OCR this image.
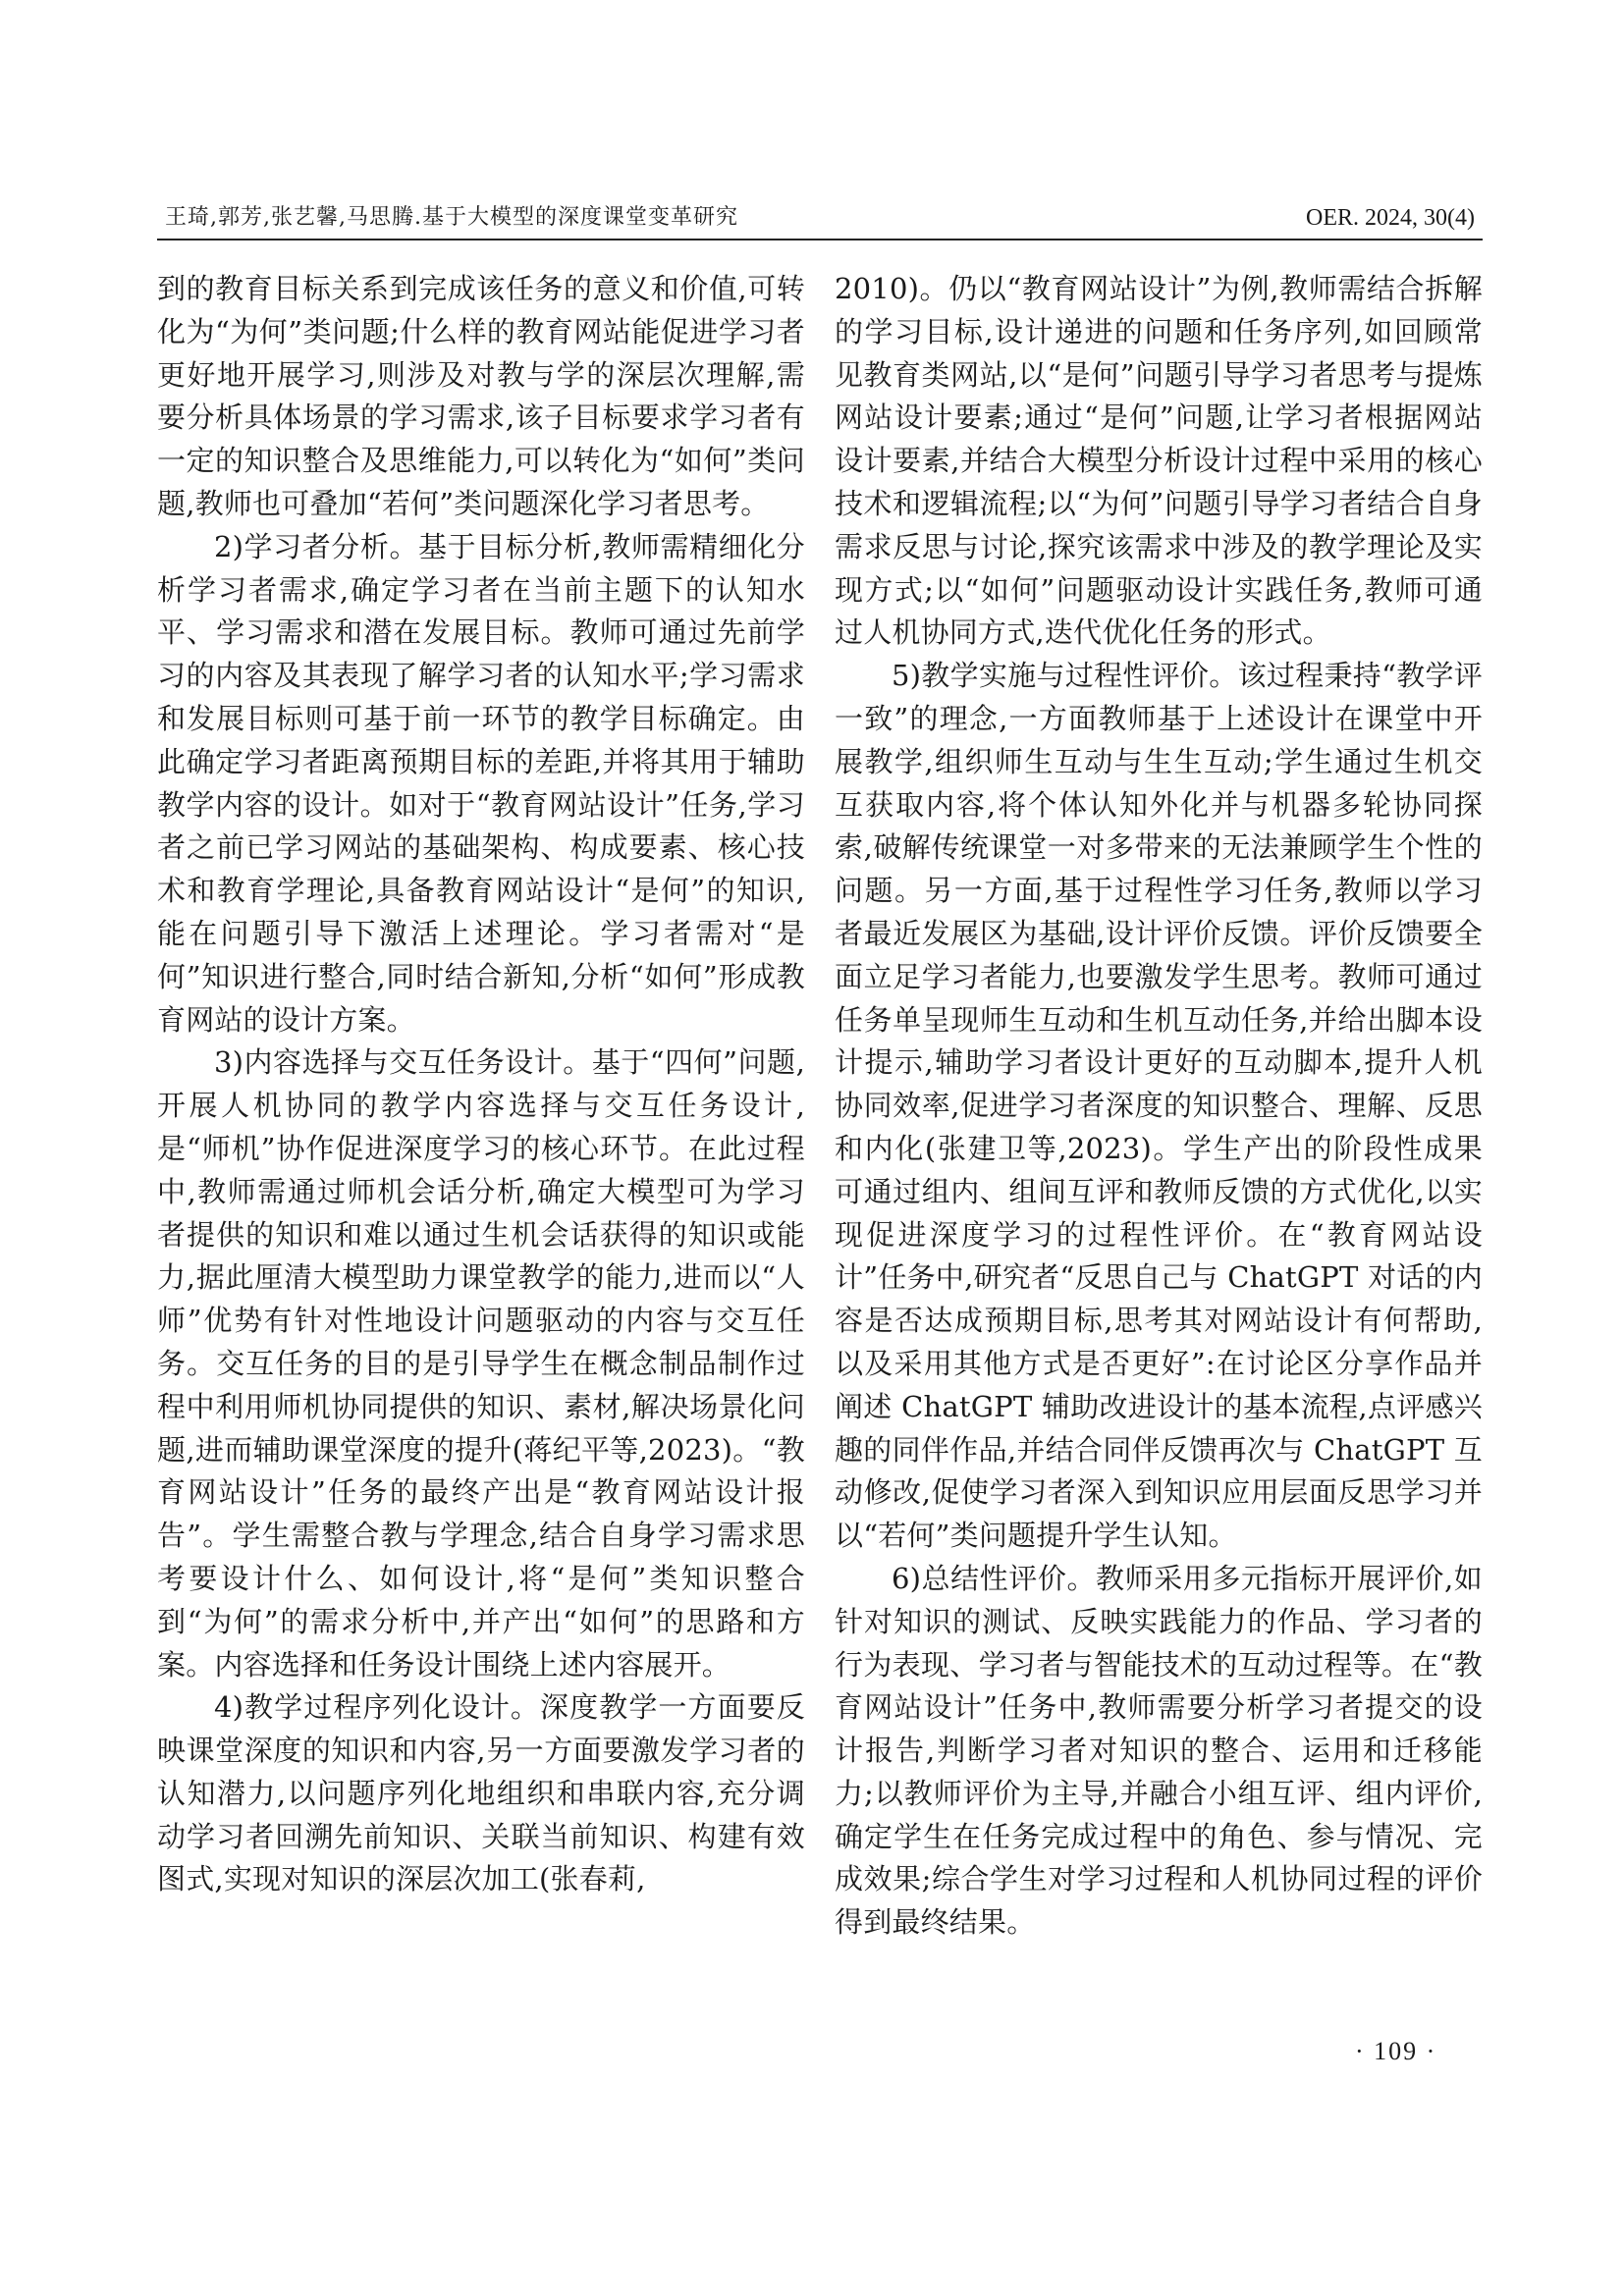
王琦,郭芳,张艺馨,马思腾.基于大模型的深度课堂变革研究	OER. 2024, 30(4)

到的教育目标关系到完成该任务的意义和价值,可转化为“为何”类问题;什么样的教育网站能促进学习者更好地开展学习,则涉及对教与学的深层次理解,需要分析具体场景的学习需求,该子目标要求学习者有一定的知识整合及思维能力,可以转化为“如何”类问题,教师也可叠加“若何”类问题深化学习者思考。

2)学习者分析。基于目标分析,教师需精细化分析学习者需求,确定学习者在当前主题下的认知水平、学习需求和潜在发展目标。教师可通过先前学习的内容及其表现了解学习者的认知水平;学习需求和发展目标则可基于前一环节的教学目标确定。由此确定学习者距离预期目标的差距,并将其用于辅助教学内容的设计。如对于“教育网站设计”任务,学习者之前已学习网站的基础架构、构成要素、核心技术和教育学理论,具备教育网站设计“是何”的知识,能在问题引导下激活上述理论。学习者需对“是何”知识进行整合,同时结合新知,分析“如何”形成教育网站的设计方案。

3)内容选择与交互任务设计。基于“四何”问题,开展人机协同的教学内容选择与交互任务设计,是“师机”协作促进深度学习的核心环节。在此过程中,教师需通过师机会话分析,确定大模型可为学习者提供的知识和难以通过生机会话获得的知识或能力,据此厘清大模型助力课堂教学的能力,进而以“人师”优势有针对性地设计问题驱动的内容与交互任务。交互任务的目的是引导学生在概念制品制作过程中利用师机协同提供的知识、素材,解决场景化问题,进而辅助课堂深度的提升(蒋纪平等,2023)。“教育网站设计”任务的最终产出是“教育网站设计报告”。学生需整合教与学理念,结合自身学习需求思考要设计什么、如何设计,将“是何”类知识整合到“为何”的需求分析中,并产出“如何”的思路和方案。内容选择和任务设计围绕上述内容展开。

4)教学过程序列化设计。深度教学一方面要反映课堂深度的知识和内容,另一方面要激发学习者的认知潜力,以问题序列化地组织和串联内容,充分调动学习者回溯先前知识、关联当前知识、构建有效图式,实现对知识的深层次加工(张春莉,

2010)。仍以“教育网站设计”为例,教师需结合拆解的学习目标,设计递进的问题和任务序列,如回顾常见教育类网站,以“是何”问题引导学习者思考与提炼网站设计要素;通过“是何”问题,让学习者根据网站设计要素,并结合大模型分析设计过程中采用的核心技术和逻辑流程;以“为何”问题引导学习者结合自身需求反思与讨论,探究该需求中涉及的教学理论及实现方式;以“如何”问题驱动设计实践任务,教师可通过人机协同方式,迭代优化任务的形式。

5)教学实施与过程性评价。该过程秉持“教学评一致”的理念,一方面教师基于上述设计在课堂中开展教学,组织师生互动与生生互动;学生通过生机交互获取内容,将个体认知外化并与机器多轮协同探索,破解传统课堂一对多带来的无法兼顾学生个性的问题。另一方面,基于过程性学习任务,教师以学习者最近发展区为基础,设计评价反馈。评价反馈要全面立足学习者能力,也要激发学生思考。教师可通过任务单呈现师生互动和生机互动任务,并给出脚本设计提示,辅助学习者设计更好的互动脚本,提升人机协同效率,促进学习者深度的知识整合、理解、反思和内化(张建卫等,2023)。学生产出的阶段性成果可通过组内、组间互评和教师反馈的方式优化,以实现促进深度学习的过程性评价。在“教育网站设计”任务中,研究者“反思自己与 ChatGPT 对话的内容是否达成预期目标,思考其对网站设计有何帮助,以及采用其他方式是否更好”:在讨论区分享作品并阐述 ChatGPT 辅助改进设计的基本流程,点评感兴趣的同伴作品,并结合同伴反馈再次与 ChatGPT 互动修改,促使学习者深入到知识应用层面反思学习并以“若何”类问题提升学生认知。

6)总结性评价。教师采用多元指标开展评价,如针对知识的测试、反映实践能力的作品、学习者的行为表现、学习者与智能技术的互动过程等。在“教育网站设计”任务中,教师需要分析学习者提交的设计报告,判断学习者对知识的整合、运用和迁移能力;以教师评价为主导,并融合小组互评、组内评价,确定学生在任务完成过程中的角色、参与情况、完成效果;综合学生对学习过程和人机协同过程的评价得到最终结果。

· 109 ·
